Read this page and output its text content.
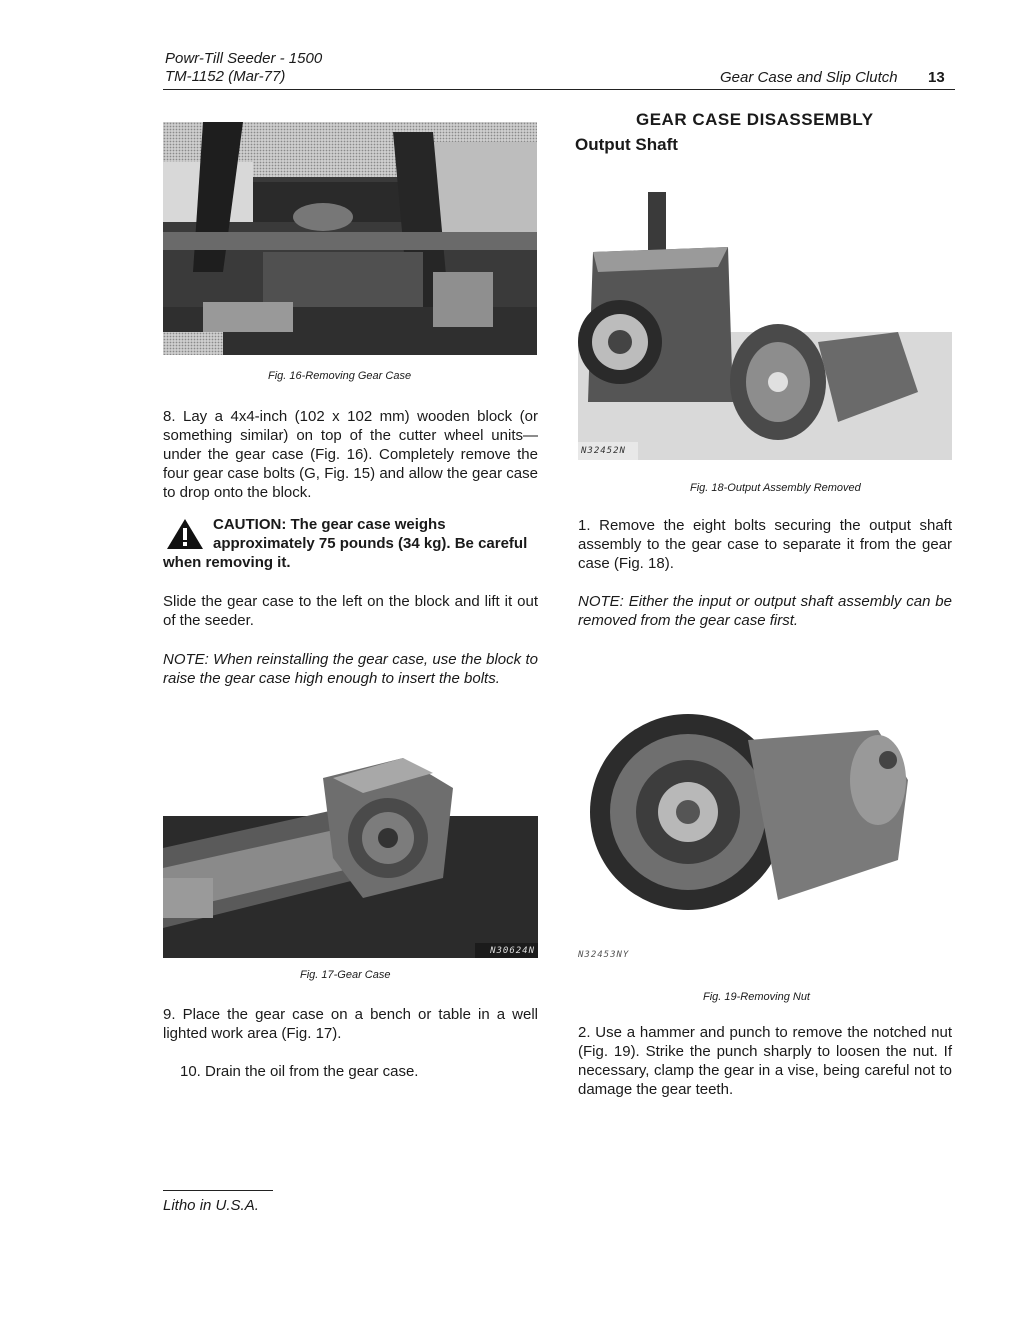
Powr-Till Seeder - 1500
TM-1152 (Mar-77)	Gear Case and Slip Clutch 13
Fig. 16-Removing Gear Case
8. Lay a 4x4-inch (102 x 102 mm) wooden block (or something similar) on top of the cutter wheel units—under the gear case (Fig. 16). Completely remove the four gear case bolts (G, Fig. 15) and allow the gear case to drop onto the block.
CAUTION: The gear case weighs approximately 75 pounds (34 kg). Be careful when removing it.
Slide the gear case to the left on the block and lift it out of the seeder.
NOTE: When reinstalling the gear case, use the block to raise the gear case high enough to insert the bolts.
N30624N
Fig. 17-Gear Case
9. Place the gear case on a bench or table in a well lighted work area (Fig. 17).
10. Drain the oil from the gear case.
GEAR CASE DISASSEMBLY
Output Shaft
N32452N
Fig. 18-Output Assembly Removed
1. Remove the eight bolts securing the output shaft assembly to the gear case to separate it from the gear case (Fig. 18).
NOTE: Either the input or output shaft assembly can be removed from the gear case first.
N32453NY
Fig. 19-Removing Nut
2. Use a hammer and punch to remove the notched nut (Fig. 19). Strike the punch sharply to loosen the nut. If necessary, clamp the gear in a vise, being careful not to damage the gear teeth.
Litho in U.S.A.
